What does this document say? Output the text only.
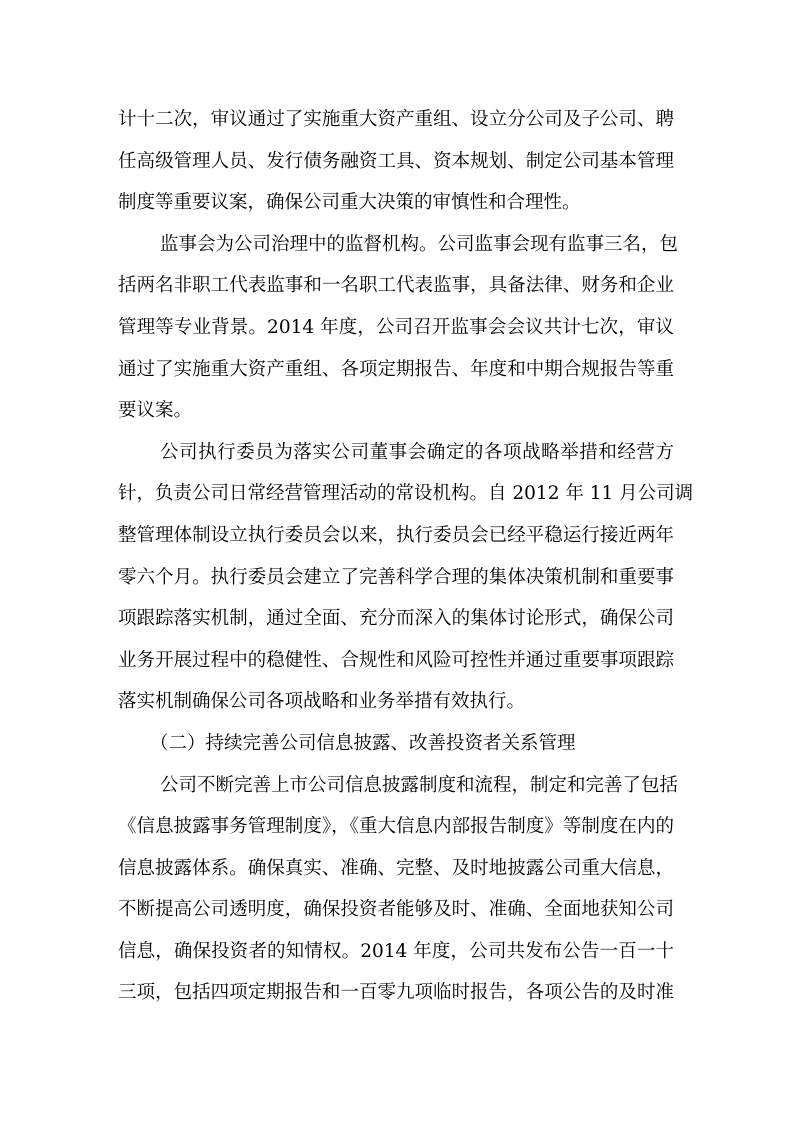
计十二次，审议通过了实施重大资产重组、设立分公司及子公司、聘
任高级管理人员、发行债务融资工具、资本规划、制定公司基本管理
制度等重要议案，确保公司重大决策的审慎性和合理性。
监事会为公司治理中的监督机构。公司监事会现有监事三名，包
括两名非职工代表监事和一名职工代表监事，具备法律、财务和企业
管理等专业背景。2014 年度，公司召开监事会会议共计七次，审议
通过了实施重大资产重组、各项定期报告、年度和中期合规报告等重
要议案。
公司执行委员为落实公司董事会确定的各项战略举措和经营方
针，负责公司日常经营管理活动的常设机构。自 2012 年 11 月公司调
整管理体制设立执行委员会以来，执行委员会已经平稳运行接近两年
零六个月。执行委员会建立了完善科学合理的集体决策机制和重要事
项跟踪落实机制，通过全面、充分而深入的集体讨论形式，确保公司
业务开展过程中的稳健性、合规性和风险可控性并通过重要事项跟踪
落实机制确保公司各项战略和业务举措有效执行。
（二）持续完善公司信息披露、改善投资者关系管理
公司不断完善上市公司信息披露制度和流程，制定和完善了包括
《信息披露事务管理制度》，《重大信息内部报告制度》等制度在内的
信息披露体系。确保真实、准确、完整、及时地披露公司重大信息，
不断提高公司透明度，确保投资者能够及时、准确、全面地获知公司
信息，确保投资者的知情权。2014 年度，公司共发布公告一百一十
三项，包括四项定期报告和一百零九项临时报告，各项公告的及时准
